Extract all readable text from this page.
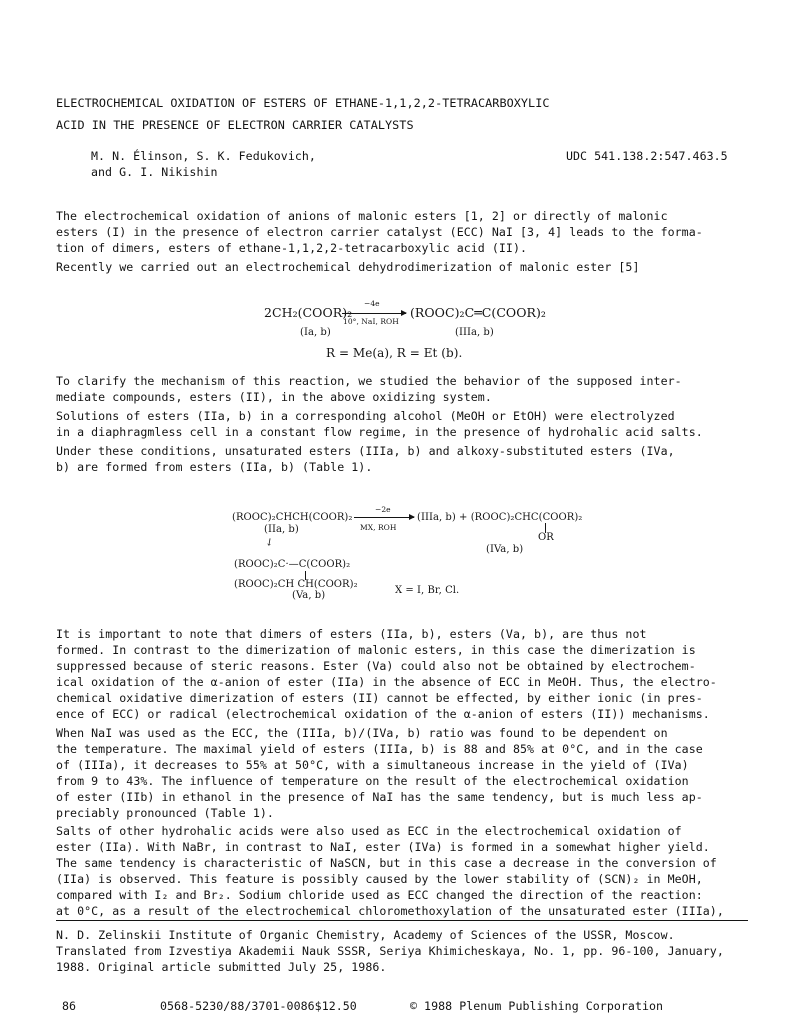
ELECTROCHEMICAL OXIDATION OF ESTERS OF ETHANE-1,1,2,2-TETRACARBOXYLIC
ACID IN THE PRESENCE OF ELECTRON CARRIER CATALYSTS
M. N. Élinson, S. K. Fedukovich,
and G. I. Nikishin
UDC 541.138.2:547.463.5
The electrochemical oxidation of anions of malonic esters [1, 2] or directly of malonic
esters (I) in the presence of electron carrier catalyst (ECC) NaI [3, 4] leads to the forma-
tion of dimers, esters of ethane-1,1,2,2-tetracarboxylic acid (II).
Recently we carried out an electrochemical dehydrodimerization of malonic ester [5]
2CH₂(COOR)₂
−4e
10°, NaI, ROH
(ROOC)₂C═C(COOR)₂
(Ia, b)	(IIIa, b)
R = Me(a), R = Et (b).
To clarify the mechanism of this reaction, we studied the behavior of the supposed inter-
mediate compounds, esters (II), in the above oxidizing system.
Solutions of esters (IIa, b) in a corresponding alcohol (MeOH or EtOH) were electrolyzed
in a diaphragmless cell in a constant flow regime, in the presence of hydrohalic acid salts.
Under these conditions, unsaturated esters (IIIa, b) and alkoxy-substituted esters (IVa,
b) are formed from esters (IIa, b) (Table 1).
(ROOC)₂CHCH(COOR)₂
(IIa, b)
−2e
MX, ROH
(IIIa, b) + (ROOC)₂CHC(COOR)₂
OR
(IVa, b)
↙
(ROOC)₂C·—C(COOR)₂
(ROOC)₂CH CH(COOR)₂
(Va, b)	X = I, Br, Cl.
It is important to note that dimers of esters (IIa, b), esters (Va, b), are thus not
formed. In contrast to the dimerization of malonic esters, in this case the dimerization is
suppressed because of steric reasons. Ester (Va) could also not be obtained by electrochem-
ical oxidation of the α-anion of ester (IIa) in the absence of ECC in MeOH. Thus, the electro-
chemical oxidative dimerization of esters (II) cannot be effected, by either ionic (in pres-
ence of ECC) or radical (electrochemical oxidation of the α-anion of esters (II)) mechanisms.
When NaI was used as the ECC, the (IIIa, b)/(IVa, b) ratio was found to be dependent on
the temperature. The maximal yield of esters (IIIa, b) is 88 and 85% at 0°C, and in the case
of (IIIa), it decreases to 55% at 50°C, with a simultaneous increase in the yield of (IVa)
from 9 to 43%. The influence of temperature on the result of the electrochemical oxidation
of ester (IIb) in ethanol in the presence of NaI has the same tendency, but is much less ap-
preciably pronounced (Table 1).
Salts of other hydrohalic acids were also used as ECC in the electrochemical oxidation of
ester (IIa). With NaBr, in contrast to NaI, ester (IVa) is formed in a somewhat higher yield.
The same tendency is characteristic of NaSCN, but in this case a decrease in the conversion of
(IIa) is observed. This feature is possibly caused by the lower stability of (SCN)₂ in MeOH,
compared with I₂ and Br₂. Sodium chloride used as ECC changed the direction of the reaction:
at 0°C, as a result of the electrochemical chloromethoxylation of the unsaturated ester (IIIa),
N. D. Zelinskii Institute of Organic Chemistry, Academy of Sciences of the USSR, Moscow.
Translated from Izvestiya Akademii Nauk SSSR, Seriya Khimicheskaya, No. 1, pp. 96-100, January,
1988. Original article submitted July 25, 1986.
86	0568-5230/88/3701-0086$12.50	© 1988 Plenum Publishing Corporation
